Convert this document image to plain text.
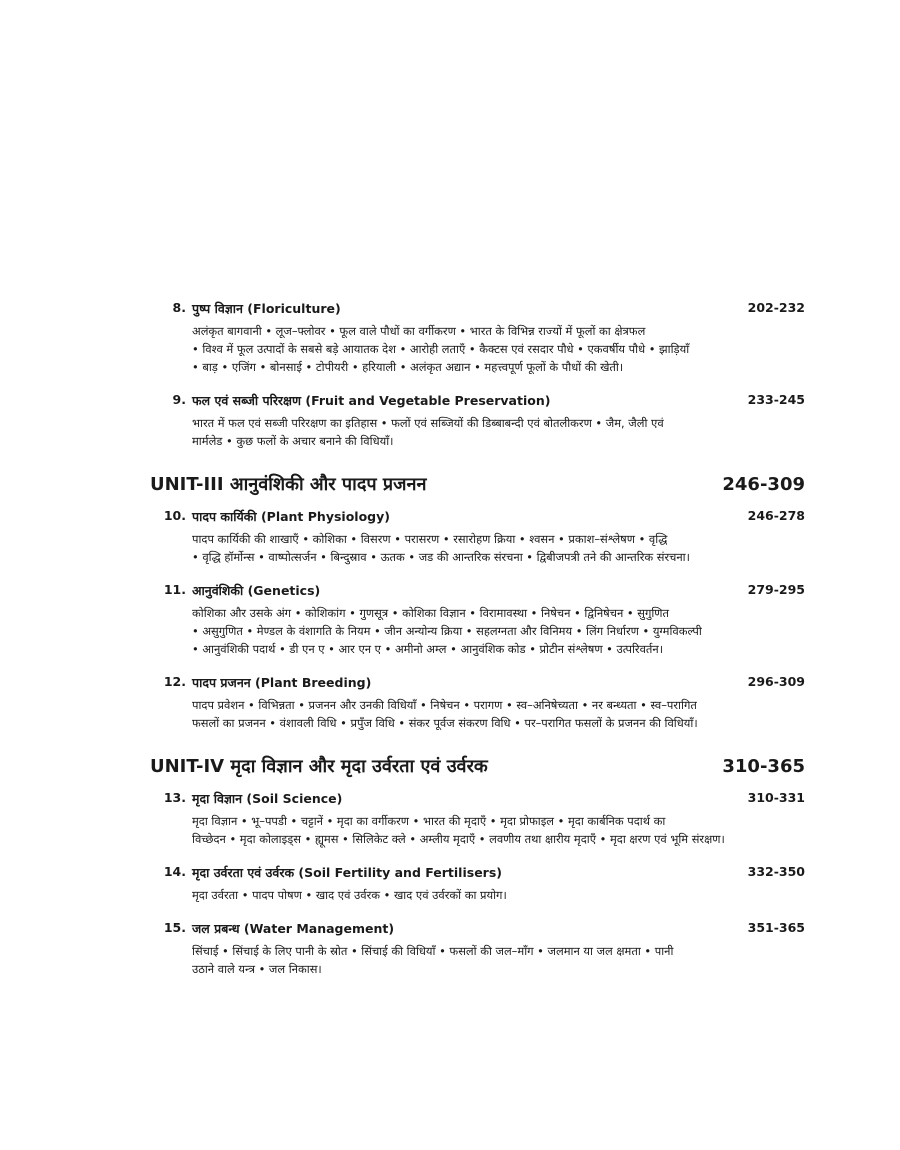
8. पुष्प विज्ञान (Floriculture)	202-232
अलंकृत बागवानी • लूज–फ्लोवर • फूल वाले पौधों का वर्गीकरण • भारत के विभिन्न राज्यों में फूलों का क्षेत्रफल
• विश्व में फूल उत्पादों के सबसे बड़े आयातक देश • आरोही लताएँ • कैक्टस एवं रसदार पौधे • एकवर्षीय पौधे • झाड़ियाँ
• बाड़ • एजिंग • बोनसाई • टोपीयरी • हरियाली • अलंकृत अद्यान • महत्त्वपूर्ण फूलों के पौधों की खेती।
9. फल एवं सब्जी परिरक्षण (Fruit and Vegetable Preservation)	233-245
भारत में फल एवं सब्जी परिरक्षण का इतिहास • फलों एवं सब्जियों की डिब्बाबन्दी एवं बोतलीकरण • जैम, जैली एवं
मार्मलेड • कुछ फलों के अचार बनाने की विधियाँ।
UNIT-III आनुवंशिकी और पादप प्रजनन	246-309
10. पादप कार्यिकी (Plant Physiology)	246-278
पादप कार्यिकी की शाखाएँ • कोशिका • विसरण • परासरण • रसारोहण क्रिया • श्वसन • प्रकाश–संश्लेषण • वृद्धि
• वृद्धि हॉर्मोन्स • वाष्पोत्सर्जन • बिन्दुस्राव • ऊतक • जड की आन्तरिक संरचना • द्विबीजपत्री तने की आन्तरिक संरचना।
11. आनुवंशिकी (Genetics)	279-295
कोशिका और उसके अंग • कोशिकांग • गुणसूत्र • कोशिका विज्ञान • विरामावस्था • निषेचन • द्विनिषेचन • सुगुणित
• असुगुणित • मेण्डल के वंशागति के नियम • जीन अन्योन्य क्रिया • सहलग्नता और विनिमय • लिंग निर्धारण • युग्मविकल्पी
• आनुवंशिकी पदार्थ • डी एन ए • आर एन ए • अमीनो अम्ल • आनुवंशिक कोड • प्रोटीन संश्लेषण • उत्परिवर्तन।
12. पादप प्रजनन (Plant Breeding)	296-309
पादप प्रवेशन • विभिन्नता • प्रजनन और उनकी विधियाँ • निषेचन • परागण • स्व–अनिषेच्यता • नर बन्ध्यता • स्व–परागित
फसलों का प्रजनन • वंशावली विधि • प्रपुँज विधि • संकर पूर्वज संकरण विधि • पर–परागित फसलों के प्रजनन की विधियाँ।
UNIT-IV मृदा विज्ञान और मृदा उर्वरता एवं उर्वरक	310-365
13. मृदा विज्ञान (Soil Science)	310-331
मृदा विज्ञान • भू–पपडी • चट्टानें • मृदा का वर्गीकरण • भारत की मृदाएँ • मृदा प्रोफाइल • मृदा कार्बनिक पदार्थ का
विच्छेदन • मृदा कोलाइड्स • ह्यूमस • सिलिकेट क्ले • अम्लीय मृदाएँ • लवणीय तथा क्षारीय मृदाएँ • मृदा क्षरण एवं भूमि संरक्षण।
14. मृदा उर्वरता एवं उर्वरक (Soil Fertility and Fertilisers)	332-350
मृदा उर्वरता • पादप पोषण • खाद एवं उर्वरक • खाद एवं उर्वरकों का प्रयोग।
15. जल प्रबन्ध (Water Management)	351-365
सिंचाई • सिंचाई के लिए पानी के स्रोत • सिंचाई की विधियाँ • फसलों की जल–माँग • जलमान या जल क्षमता • पानी
उठाने वाले यन्त्र • जल निकास।
